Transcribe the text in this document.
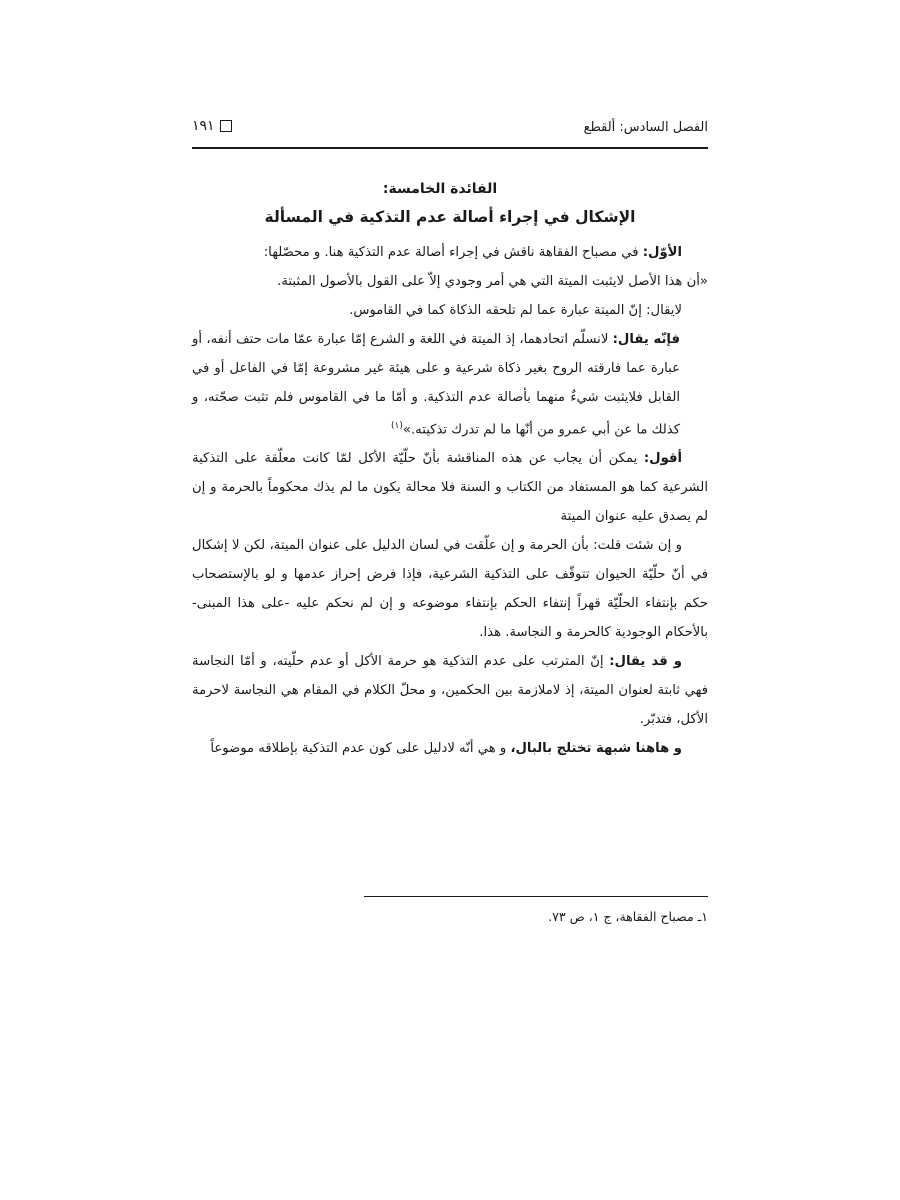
الفصل السادس: ألقطع
١٩١
الفائدة الخامسة:
الإشكال في إجراء أصالة عدم التذكية في المسألة

الأوّل: في مصباح الفقاهة ناقش في إجراء أصالة عدم التذكية هنا. و محصّلها:

«أن هذا الأصل لايثبت الميتة التي هي أمر وجودي إلاّ على القول بالأصول المثبتة.

لايقال: إنّ الميتة عبارة عما لم تلحقه الذكاة كما في القاموس.

فإنّه يقال: لانسلّم اتحادهما، إذ الميتة في اللغة و الشرع إمّا عبارة عمّا مات حتف أنفه، أو عبارة عما فارقته الروح بغير ذكاة شرعية و على هيئة غير مشروعة إمّا في الفاعل أو في القابل فلايثبت شيءٌ منهما بأصالة عدم التذكية. و أمّا ما في القاموس فلم تثبت صحّته، و كذلك ما عن أبي عمرو من أنّها ما لم تدرك تذكيته.»$^{(١)}$

أقول: يمكن أن يجاب عن هذه المناقشة بأنّ حلّيّة الأكل لمّا كانت معلّقة على التذكية الشرعية كما هو المستفاد من الكتاب و السنة فلا محالة يكون ما لم يذك محكوماً بالحرمة و إن لم يصدق عليه عنوان الميتة

و إن شئت قلت: بأن الحرمة و إن علّقت في لسان الدليل على عنوان الميتة، لكن لا إشكال في أنّ حلّيّة الحيوان تتوقّف على التذكية الشرعية، فإذا فرض إحراز عدمها و لو بالإستصحاب حكم بإنتفاء الحلّيّة قهراً إنتفاء الحكم بإنتفاء موضوعه و إن لم نحكم عليه -على هذا المبنى- بالأحكام الوجودية كالحرمة و النجاسة. هذا.

و قد يقال: إنّ المترتب على عدم التذكية هو حرمة الأكل أو عدم حلّيته، و أمّا النجاسة فهي ثابتة لعنوان الميتة، إذ لاملازمة بين الحكمين، و محلّ الكلام في المقام هي النجاسة لاحرمة الأكل، فتدبّر.

و هاهنا شبهة تختلج بالبال، و هي أنّه لادليل على كون عدم التذكية بإطلاقه موضوعاً

١ـ مصباح الفقاهة، ج ١، ص ٧٣.
